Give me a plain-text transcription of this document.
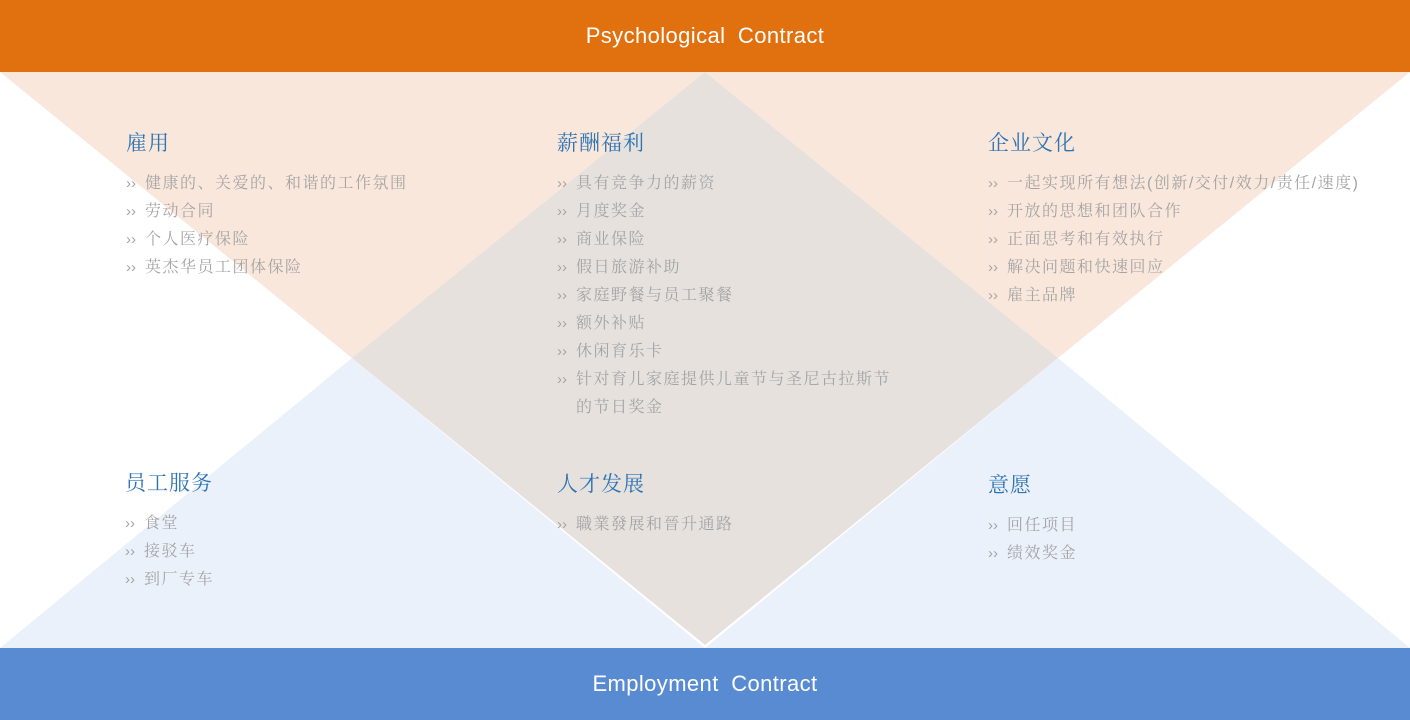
Psychological Contract
雇用
›› 健康的、关爱的、和谐的工作氛围
›› 劳动合同
›› 个人医疗保险
›› 英杰华员工团体保险
薪酬福利
›› 具有竞争力的薪资
›› 月度奖金
›› 商业保险
›› 假日旅游补助
›› 家庭野餐与员工聚餐
›› 额外补贴
›› 休闲育乐卡
›› 针对育儿家庭提供儿童节与圣尼古拉斯节的节日奖金
企业文化
›› 一起实现所有想法(创新/交付/效力/责任/速度)
›› 开放的思想和团队合作
›› 正面思考和有效执行
›› 解决问题和快速回应
›› 雇主品牌
员工服务
›› 食堂
›› 接驳车
›› 到厂专车
人才发展
›› 職業發展和晉升通路
意愿
›› 回任项目
›› 绩效奖金
Employment Contract
